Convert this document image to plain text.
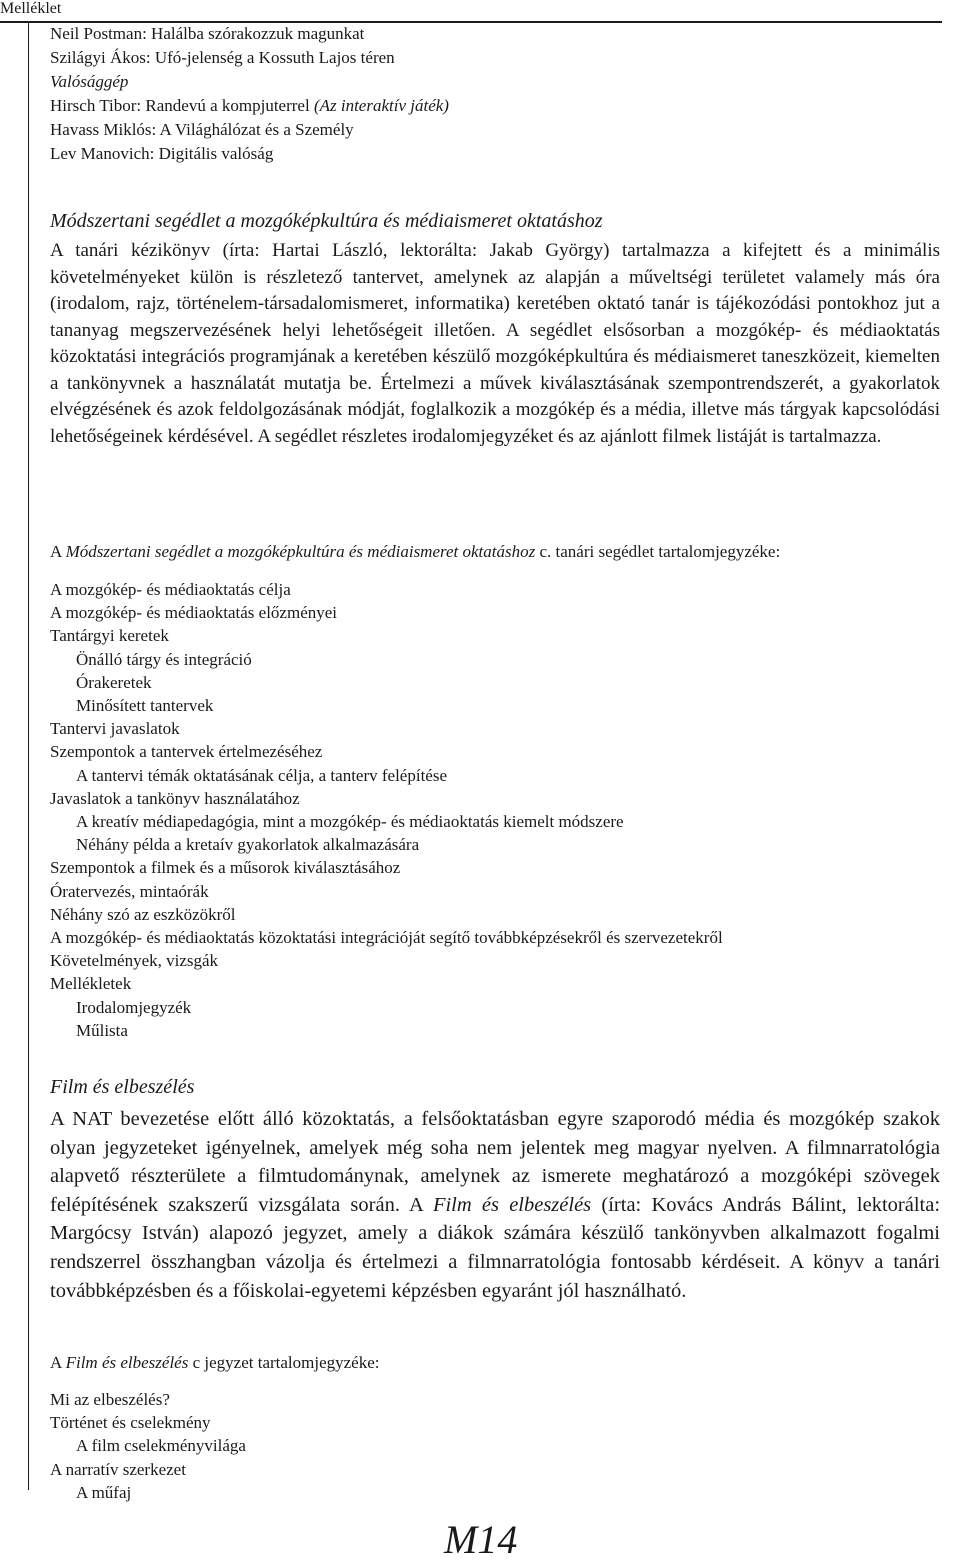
Melléklet
Neil Postman: Halálba szórakozzuk magunkat
Szilágyi Ákos: Ufó-jelenség a Kossuth Lajos téren
Valósággép
Hirsch Tibor: Randevú a kompjuterrel (Az interaktív játék)
Havass Miklós: A Világhálózat és a Személy
Lev Manovich: Digitális valóság
Módszertani segédlet a mozgóképkultúra és médiaismeret oktatáshoz
A tanári kézikönyv (írta: Hartai László, lektorálta: Jakab György) tartalmazza a kifejtett és a minimális követelményeket külön is részletező tantervet, amelynek az alapján a műveltségi területet valamely más óra (irodalom, rajz, történelem-társadalomismeret, informatika) keretében oktató tanár is tájékozódási pontokhoz jut a tananyag megszervezésének helyi lehetőségeit illetően. A segédlet elsősorban a mozgókép- és médiaoktatás közoktatási integrációs programjának a keretében készülő mozgóképkultúra és médiaismeret taneszközeit, kiemelten a tankönyvnek a használatát mutatja be. Értelmezi a művek kiválasztásának szempontrendszerét, a gyakorlatok elvégzésének és azok feldolgozásának módját, foglalkozik a mozgókép és a média, illetve más tárgyak kapcsolódási lehetőségeinek kérdésével. A segédlet részletes irodalomjegyzéket és az ajánlott filmek listáját is tartalmazza.
A Módszertani segédlet a mozgóképkultúra és médiaismeret oktatáshoz c. tanári segédlet tartalomjegyzéke:
A mozgókép- és médiaoktatás célja
A mozgókép- és médiaoktatás előzményei
Tantárgyi keretek
Önálló tárgy és integráció
Órakeretek
Minősített tantervek
Tantervi javaslatok
Szempontok a tantervek értelmezéséhez
A tantervi témák oktatásának célja, a tanterv felépítése
Javaslatok a tankönyv használatához
A kreatív médiapedagógia, mint a mozgókép- és médiaoktatás kiemelt módszere
Néhány példa a kretaív gyakorlatok alkalmazására
Szempontok a filmek és a műsorok kiválasztásához
Óratervezés, mintaórák
Néhány szó az eszközökről
A mozgókép- és médiaoktatás közoktatási integrációját segítő továbbképzésekről és szervezetekről
Követelmények, vizsgák
Mellékletek
Irodalomjegyzék
Műlista
Film és elbeszélés
A NAT bevezetése előtt álló közoktatás, a felsőoktatásban egyre szaporodó média és mozgókép szakok olyan jegyzeteket igényelnek, amelyek még soha nem jelentek meg magyar nyelven. A filmnarratológia alapvető részterülete a filmtudománynak, amelynek az ismerete meghatározó a mozgóképi szövegek felépítésének szakszerű vizsgálata során. A Film és elbeszélés (írta: Kovács András Bálint, lektorálta: Margócsy István) alapozó jegyzet, amely a diákok számára készülő tankönyvben alkalmazott fogalmi rendszerrel összhangban vázolja és értelmezi a filmnarratológia fontosabb kérdéseit. A könyv a tanári továbbképzésben és a főiskolai-egyetemi képzésben egyaránt jól használható.
A Film és elbeszélés c jegyzet tartalomjegyzéke:
Mi az elbeszélés?
Történet és cselekmény
A film cselekményvilága
A narratív szerkezet
A műfaj
M14
